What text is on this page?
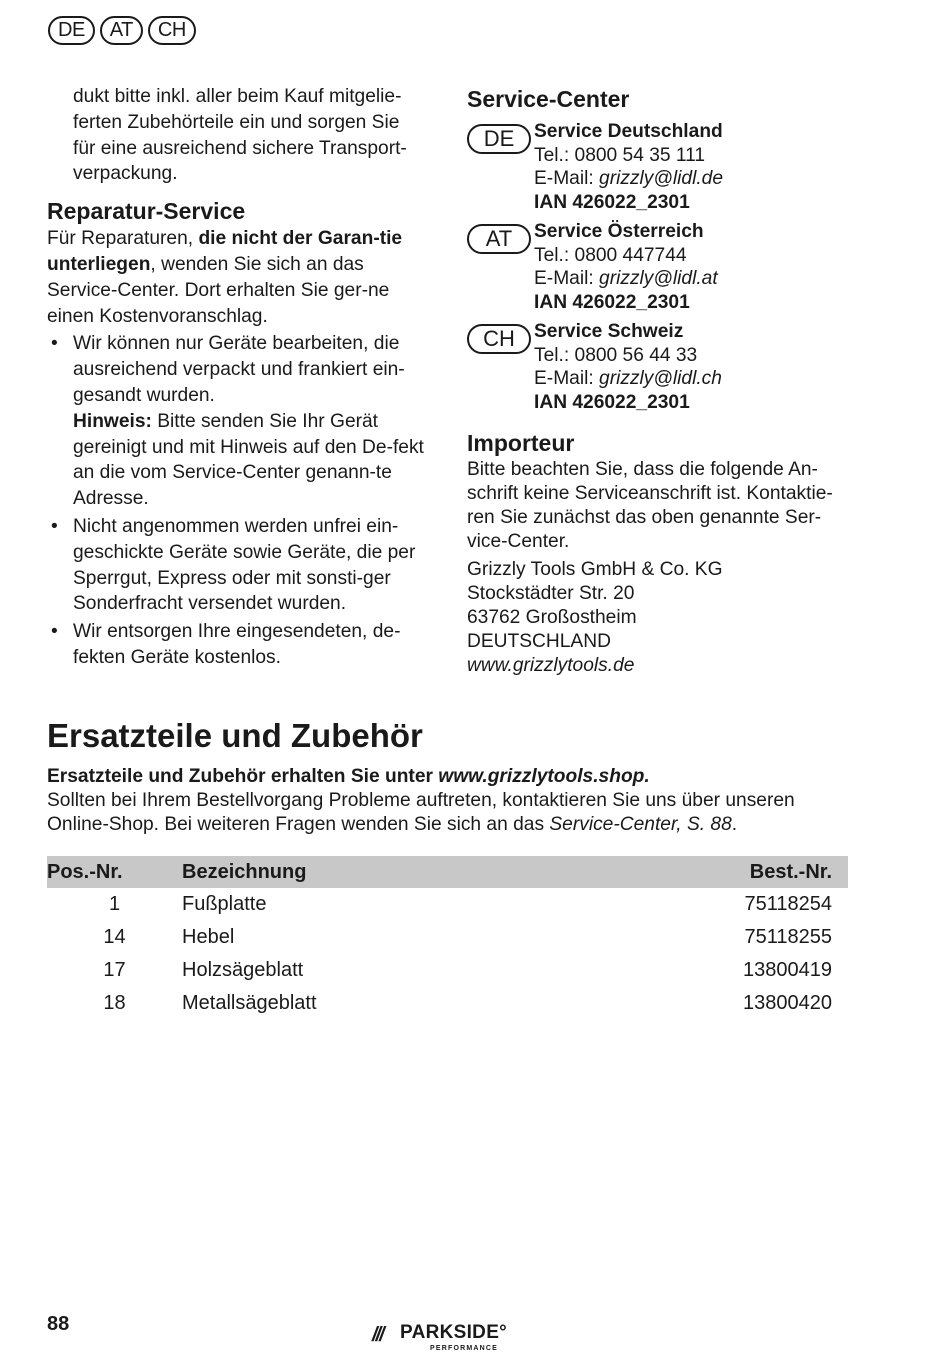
DE	AT	CH

dukt bitte inkl. aller beim Kauf mitgelie-

ferten Zubehörteile ein und sorgen Sie

für eine ausreichend sichere Transport-

verpackung.

Reparatur-Service

Für Reparaturen, die nicht der Garan-tie unterliegen, wenden Sie sich an das Service-Center. Dort erhalten Sie ger-ne einen Kostenvoranschlag.

• Wir können nur Geräte bearbeiten, die ausreichend verpackt und frankiert ein-gesandt wurden.
Hinweis: Bitte senden Sie Ihr Gerät gereinigt und mit Hinweis auf den De-fekt an die vom Service-Center genann-te Adresse.
• Nicht angenommen werden unfrei ein-geschickte Geräte sowie Geräte, die per Sperrgut, Express oder mit sonsti-ger Sonderfracht versendet wurden.
• Wir entsorgen Ihre eingesendeten, de-fekten Geräte kostenlos.
Service-Center
DE	Service Deutschland
Tel.: 0800 54 35 111
E-Mail: grizzly@lidl.de
IAN 426022_2301
AT	Service Österreich
Tel.: 0800 447744
E-Mail: grizzly@lidl.at
IAN 426022_2301
CH Service Schweiz
Tel.: 0800 56 44 33
E-Mail: grizzly@lidl.ch
IAN 426022_2301
Importeur

Bitte beachten Sie, dass die folgende An-schrift keine Serviceanschrift ist. Kontaktie-ren Sie zunächst das oben genannte Ser-vice-Center.

Grizzly Tools GmbH & Co. KG
Stockstädter Str. 20
63762 Großostheim
DEUTSCHLAND
www.grizzlytools.de
Ersatzteile und Zubehör
Ersatzteile und Zubehör erhalten Sie unter www.grizzlytools.shop.
Sollten bei Ihrem Bestellvorgang Probleme auftreten, kontaktieren Sie uns über unseren Online-Shop. Bei weiteren Fragen wenden Sie sich an das Service-Center, S. 88.
Pos.-Nr.	Bezeichnung	Best.-Nr.
1	Fußplatte	75118254
14	Hebel	75118255
17	Holzsägeblatt	13800419
18	Metallsägeblatt	13800420
88	/// PARKSIDE°
PERFORMANCE
